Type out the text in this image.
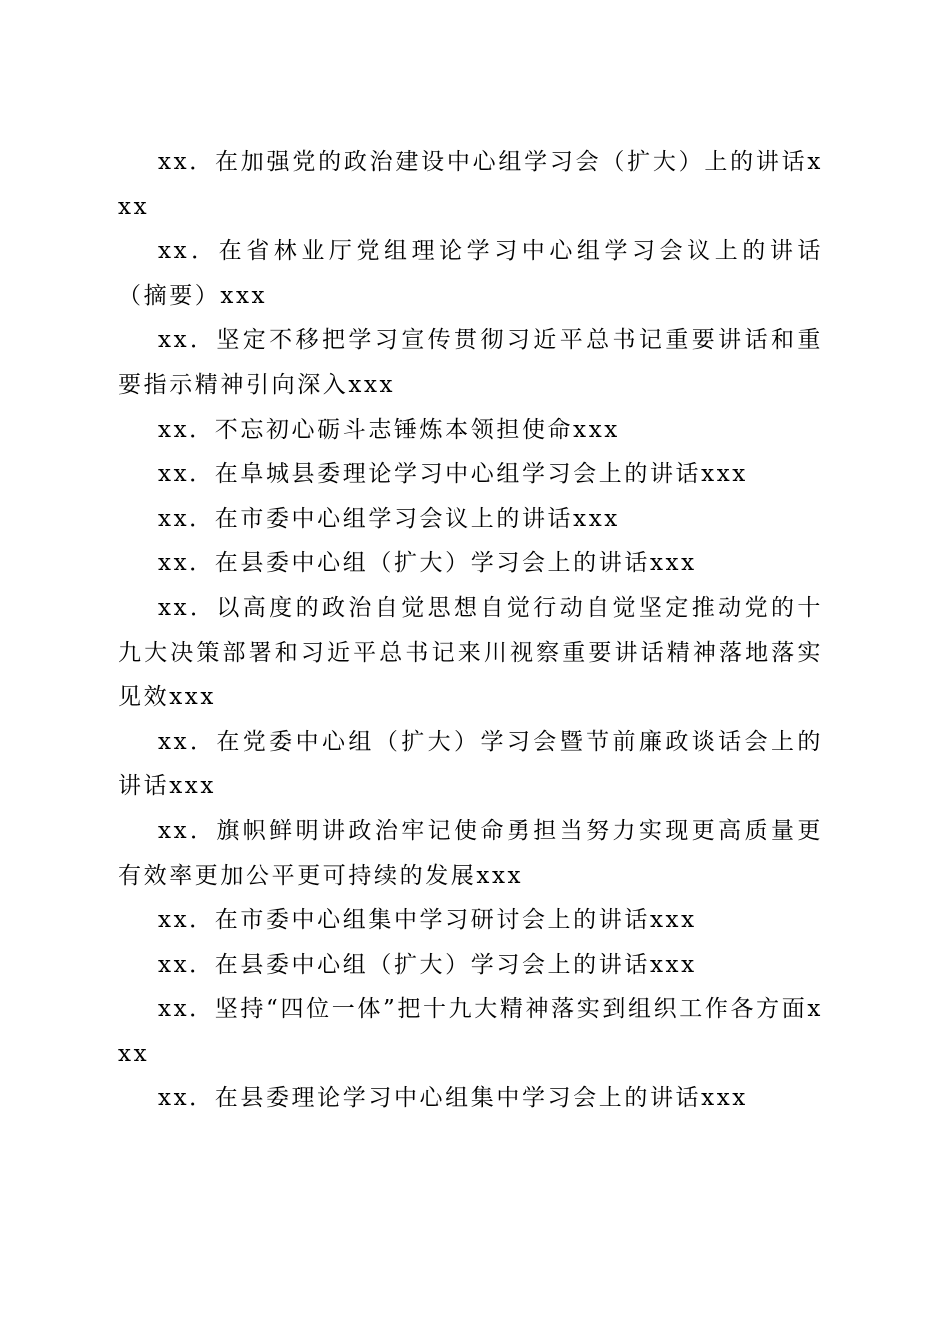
xx．在加强党的政治建设中心组学习会（扩大）上的讲话xxx
xx．在省林业厅党组理论学习中心组学习会议上的讲话（摘要）xxx
xx．坚定不移把学习宣传贯彻习近平总书记重要讲话和重要指示精神引向深入xxx
xx．不忘初心砺斗志锤炼本领担使命xxx
xx．在阜城县委理论学习中心组学习会上的讲话xxx
xx．在市委中心组学习会议上的讲话xxx
xx．在县委中心组（扩大）学习会上的讲话xxx
xx．以高度的政治自觉思想自觉行动自觉坚定推动党的十九大决策部署和习近平总书记来川视察重要讲话精神落地落实见效xxx
xx．在党委中心组（扩大）学习会暨节前廉政谈话会上的讲话xxx
xx．旗帜鲜明讲政治牢记使命勇担当努力实现更高质量更有效率更加公平更可持续的发展xxx
xx．在市委中心组集中学习研讨会上的讲话xxx
xx．在县委中心组（扩大）学习会上的讲话xxx
xx．坚持“四位一体”把十九大精神落实到组织工作各方面xxx
xx．在县委理论学习中心组集中学习会上的讲话xxx
